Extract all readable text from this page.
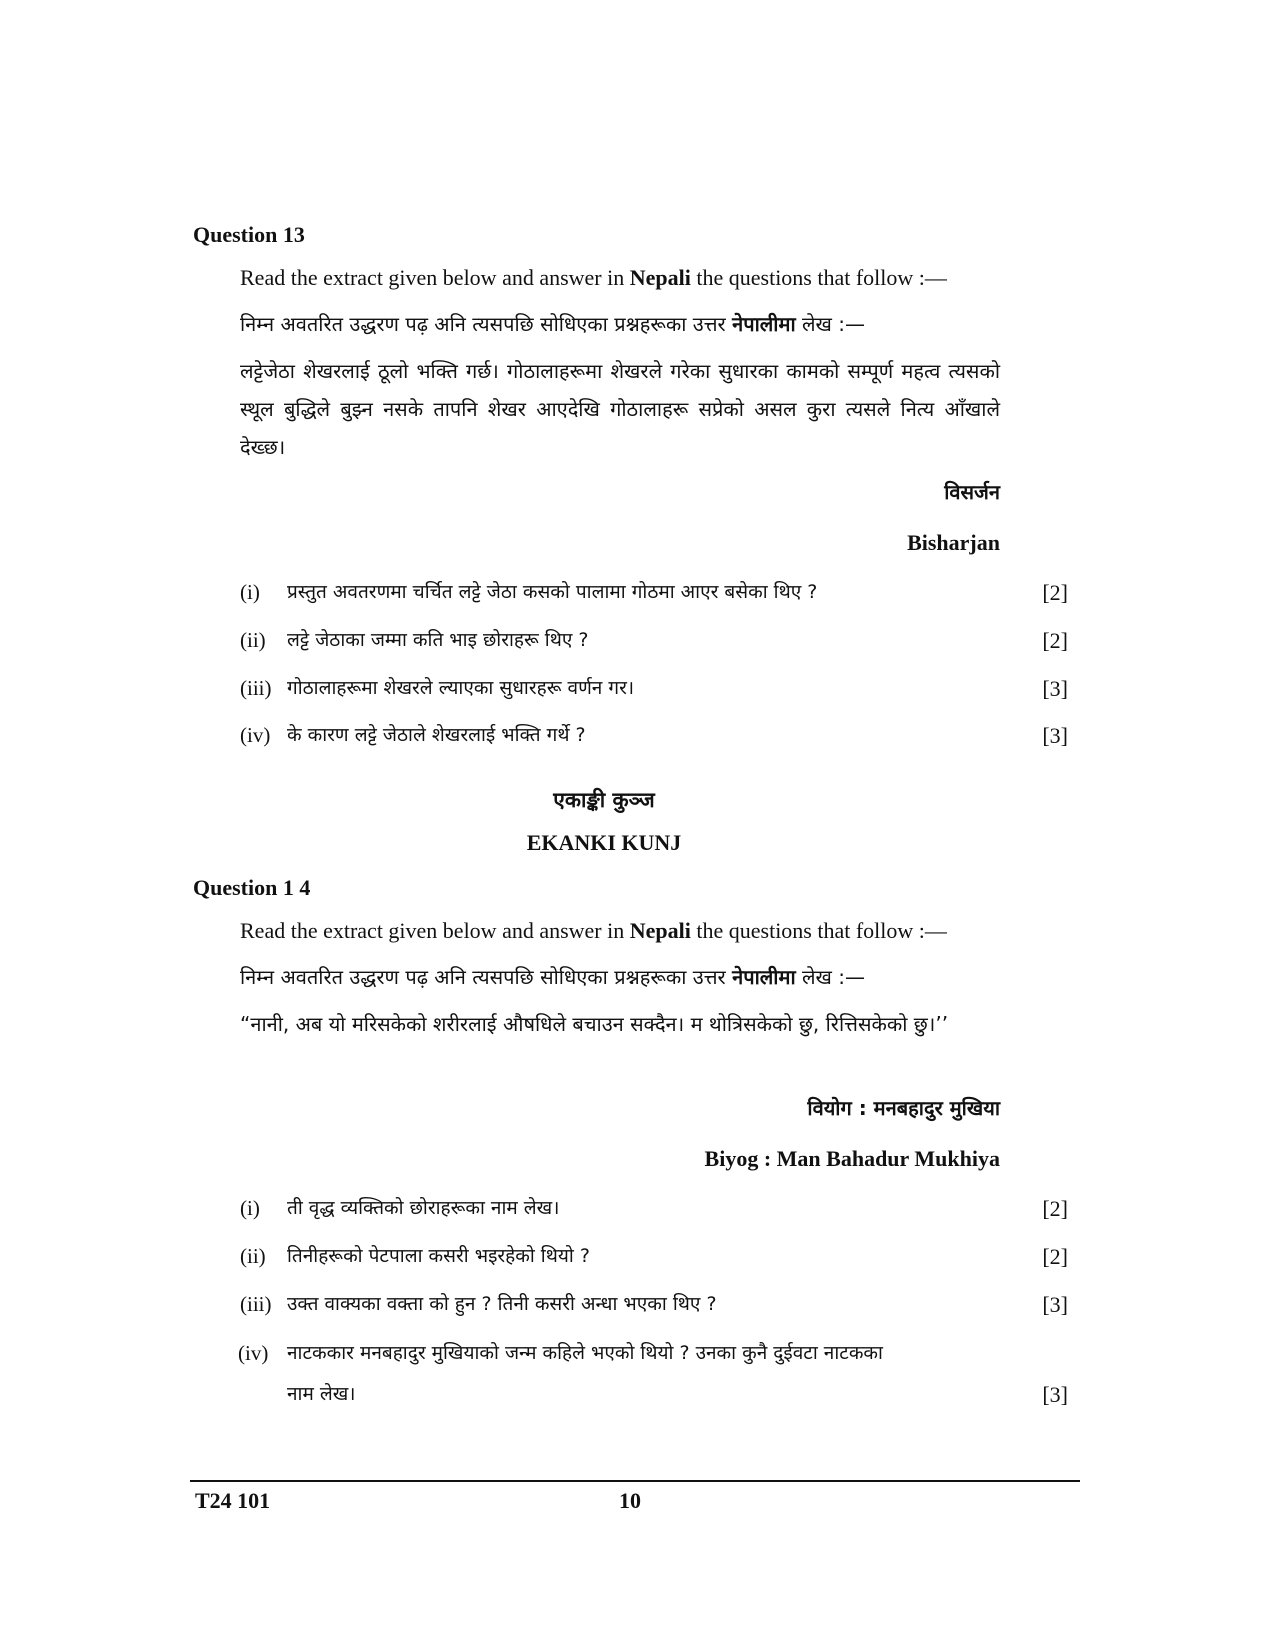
Question 13
Read the extract given below and answer in Nepali the questions that follow :—
निम्न अवतरित उद्धरण पढ़ अनि त्यसपछि सोधिएका प्रश्नहरूका उत्तर नेपालीमा लेख :—
लट्टेजेठा शेखरलाई ठूलो भक्ति गर्छ। गोठालाहरूमा शेखरले गरेका सुधारका कामको सम्पूर्ण महत्व त्यसको स्थूल बुद्धिले बुझ्न नसके तापनि शेखर आएदेखि गोठालाहरू सप्रेको असल कुरा त्यसले नित्य आँखाले देख्छ।
विसर्जन
Bisharjan
(i) प्रस्तुत अवतरणमा चर्चित लट्टे जेठा कसको पालामा गोठमा आएर बसेका थिए ?	[2]
(ii) लट्टे जेठाका जम्मा कति भाइ छोराहरू थिए ?	[2]
(iii) गोठालाहरूमा शेखरले ल्याएका सुधारहरू वर्णन गर।	[3]
(iv) के कारण लट्टे जेठाले शेखरलाई भक्ति गर्थे ?	[3]
एकाङ्की कुञ्ज
EKANKI KUNJ
Question 1 4
Read the extract given below and answer in Nepali the questions that follow :—
निम्न अवतरित उद्धरण पढ़ अनि त्यसपछि सोधिएका प्रश्नहरूका उत्तर नेपालीमा लेख :—
“नानी, अब यो मरिसकेको शरीरलाई औषधिले बचाउन सक्दैन। म थोत्रिसकेको छु, रित्तिसकेको छु।’’
वियोग : मनबहादुर मुखिया
Biyog : Man Bahadur Mukhiya
(i) ती वृद्ध व्यक्तिको छोराहरूका नाम लेख।	[2]
(ii) तिनीहरूको पेटपाला कसरी भइरहेको थियो ?	[2]
(iii) उक्त वाक्यका वक्ता को हुन ? तिनी कसरी अन्धा भएका थिए ?	[3]
(iv) नाटककार मनबहादुर मुखियाको जन्म कहिले भएको थियो ? उनका कुनै दुईवटा नाटकका
नाम लेख।	[3]
T24 101	10
